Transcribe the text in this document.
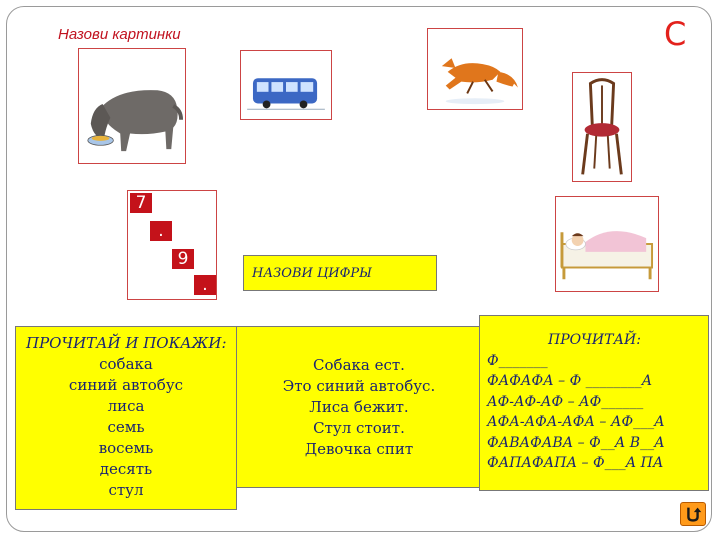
Назови картинки	С
7
.
9
.
НАЗОВИ ЦИФРЫ
ПРОЧИТАЙ И ПОКАЖИ:
собака
синий автобус
лиса
семь
восемь
десять
стул
Собака ест.
Это синий автобус.
Лиса бежит.
Стул стоит.
Девочка спит
ПРОЧИТАЙ:
Ф_______
ФАФАФА – Ф ________А
АФ-АФ-АФ – АФ______
АФА-АФА-АФА – АФ___А
ФАВАФАВА – Ф__А В__А
ФАПАФАПА – Ф___А ПА
